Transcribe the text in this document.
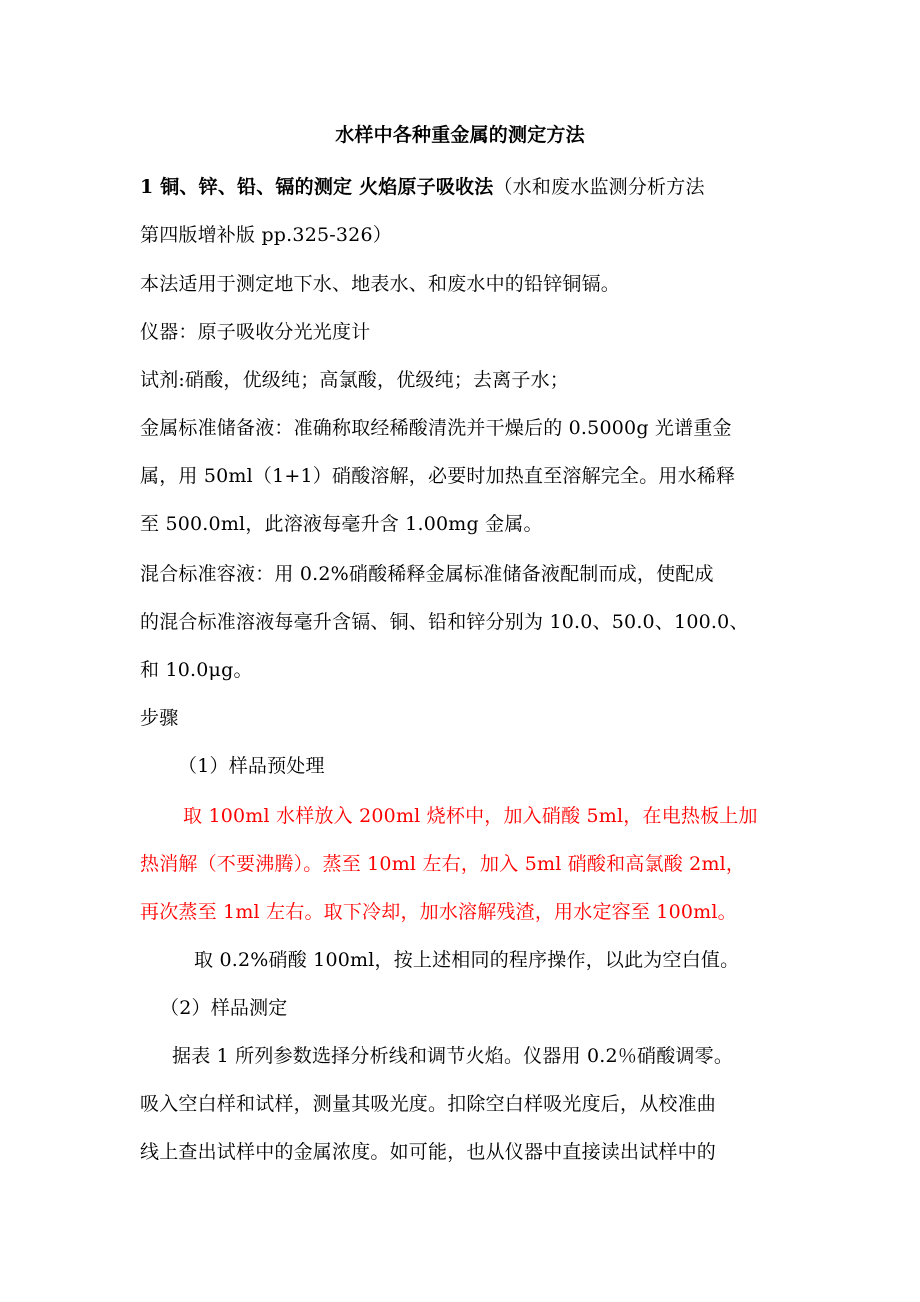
水样中各种重金属的测定方法
1 铜、锌、铅、镉的测定 火焰原子吸收法（水和废水监测分析方法
第四版增补版 pp.325-326）
本法适用于测定地下水、地表水、和废水中的铅锌铜镉。
仪器：原子吸收分光光度计
试剂:硝酸，优级纯；高氯酸，优级纯；去离子水；
金属标准储备液：准确称取经稀酸清洗并干燥后的 0.5000g 光谱重金
属，用 50ml（1+1）硝酸溶解，必要时加热直至溶解完全。用水稀释
至 500.0ml，此溶液每毫升含 1.00mg 金属。
混合标准容液：用 0.2%硝酸稀释金属标准储备液配制而成，使配成
的混合标准溶液每毫升含镉、铜、铅和锌分别为 10.0、50.0、100.0、
和 10.0μg。
步骤
（1）样品预处理
取 100ml 水样放入 200ml 烧杯中，加入硝酸 5ml，在电热板上加
热消解（不要沸腾）。蒸至 10ml 左右，加入 5ml 硝酸和高氯酸 2ml，
再次蒸至 1ml 左右。取下冷却，加水溶解残渣，用水定容至 100ml。
取 0.2%硝酸 100ml，按上述相同的程序操作，以此为空白值。
（2）样品测定
据表 1 所列参数选择分析线和调节火焰。仪器用 0.2％硝酸调零。
吸入空白样和试样，测量其吸光度。扣除空白样吸光度后，从校准曲
线上查出试样中的金属浓度。如可能，也从仪器中直接读出试样中的
